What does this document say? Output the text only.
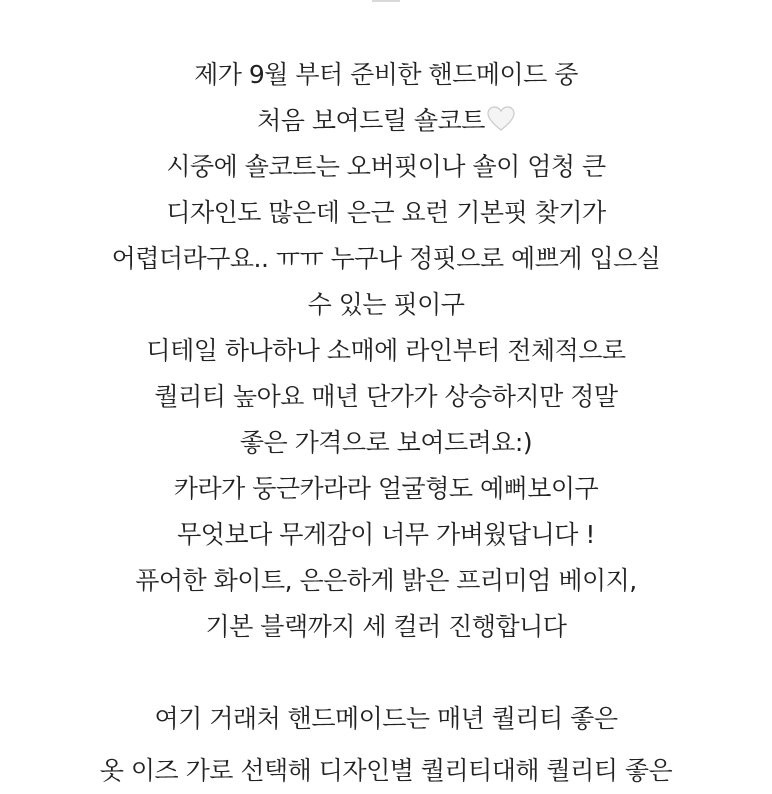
제가 9월 부터 준비한 핸드메이드 중
처음 보여드릴 숄코트
시중에 숄코트는 오버핏이나 숄이 엄청 큰
디자인도 많은데 은근 요런 기본핏 찾기가
어렵더라구요.. ㅠㅠ 누구나 정핏으로 예쁘게 입으실
수 있는 핏이구
디테일 하나하나 소매에 라인부터 전체적으로
퀄리티 높아요 매년 단가가 상승하지만 정말
좋은 가격으로 보여드려요:)
카라가 둥근카라라 얼굴형도 예뻐보이구
무엇보다 무게감이 너무 가벼웠답니다 !
퓨어한 화이트, 은은하게 밝은 프리미엄 베이지,
기본 블랙까지 세 컬러 진행합니다
여기 거래처 핸드메이드는 매년 퀄리티 좋은
옷 이즈 가로 선택해 디자인별 퀄리티대해 퀄리티 좋은
